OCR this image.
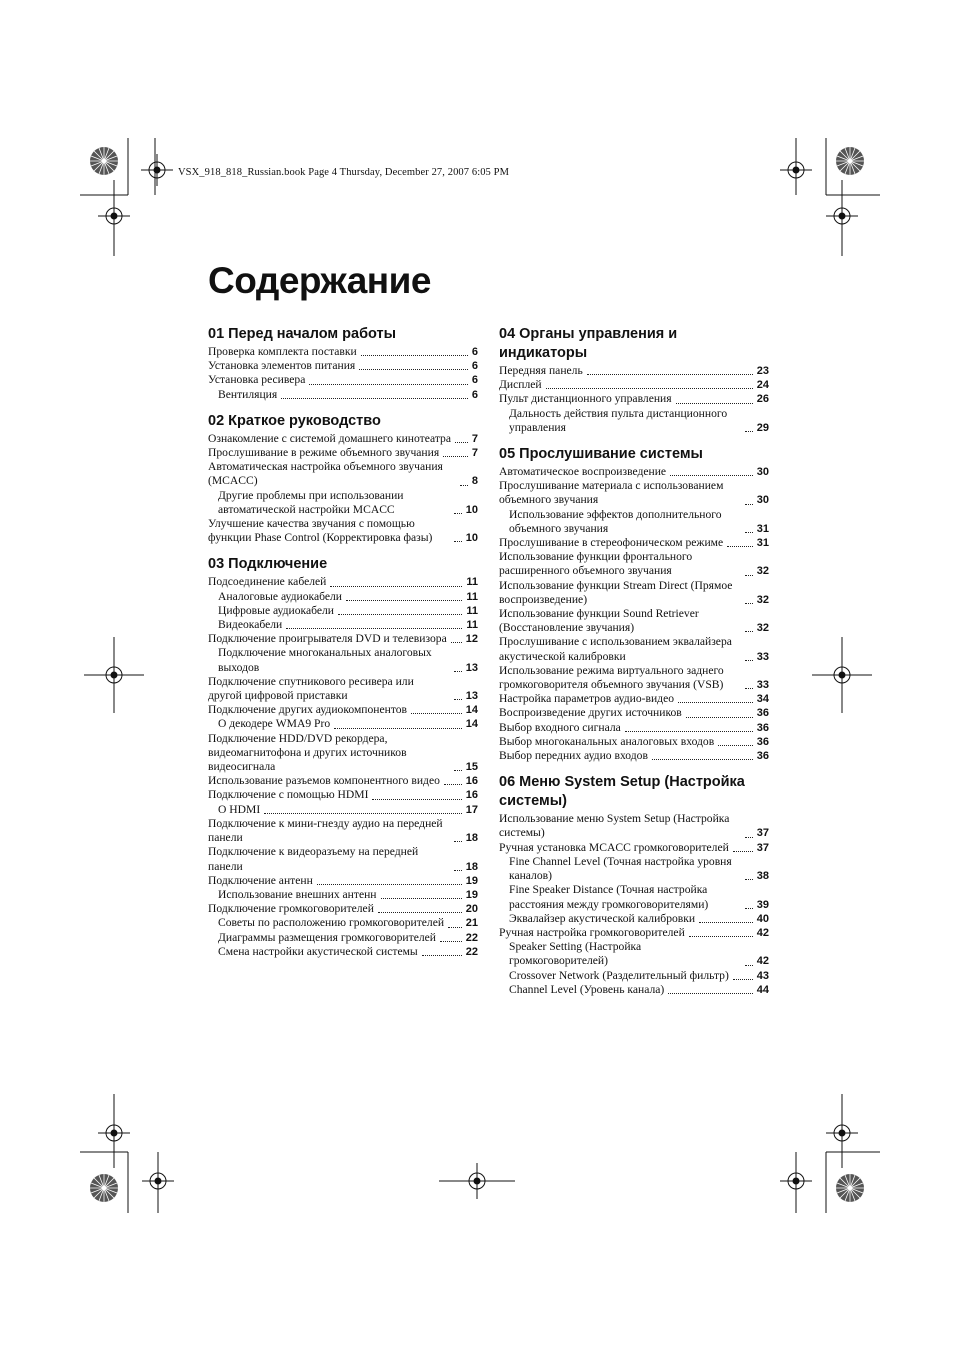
VSX_918_818_Russian.book Page 4 Thursday, December 27, 2007 6:05 PM
Содержание
01 Перед началом работы
Проверка комплекта поставки	6
Установка элементов питания	6
Установка ресивера	6
Вентиляция	6
02 Краткое руководство
Ознакомление с системой домашнего кинотеатра 7
Прослушивание в режиме объемного звучания	7
Автоматическая настройка объемного звучания (MCACC)	8
Другие проблемы при использовании автоматической настройки MCACC	10
Улучшение качества звучания с помощью функции Phase Control (Корректировка фазы)	10
03 Подключение
Подсоединение кабелей	11
Аналоговые аудиокабели	11
Цифровые аудиокабели	11
Видеокабели	11
Подключение проигрывателя DVD и телевизора 12
Подключение многоканальных аналоговых выходов	13
Подключение спутникового ресивера или другой цифровой приставки	13
Подключение других аудиокомпонентов	14
О декодере WMA9 Pro	14
Подключение HDD/DVD рекордера, видеомагнитофона и других источников видеосигнала	15
Использование разъемов компонентного видео 16
Подключение с помощью HDMI	16
О HDMI	17
Подключение к мини-гнезду аудио на передней панели	18
Подключение к видеоразъему на передней панели	18
Подключение антенн	19
Использование внешних антенн	19
Подключение громкоговорителей	20
Советы по расположению громкоговорителей 21
Диаграммы размещения громкоговорителей	22
Смена настройки акустической системы	22
04 Органы управления и индикаторы
Передняя панель	23
Дисплей	24
Пульт дистанционного управления	26
Дальность действия пульта дистанционного управления	29
05 Прослушивание системы
Автоматическое воспроизведение	30
Прослушивание материала с использованием объемного звучания	30
Использование эффектов дополнительного объемного звучания	31
Прослушивание в стереофоническом режиме	31
Использование функции фронтального расширенного объемного звучания	32
Использование функции Stream Direct (Прямое воспроизведение)	32
Использование функции Sound Retriever (Восстановление звучания)	32
Прослушивание с использованием эквалайзера акустической калибровки	33
Использование режима виртуального заднего громкоговорителя объемного звучания (VSB)	33
Настройка параметров аудио-видео	34
Воспроизведение других источников	36
Выбор входного сигнала	36
Выбор многоканальных аналоговых входов	36
Выбор передних аудио входов	36
06 Меню System Setup (Настройка системы)
Использование меню System Setup (Настройка системы)	37
Ручная установка MCACC громкоговорителей	37
Fine Channel Level (Точная настройка уровня каналов)	38
Fine Speaker Distance (Точная настройка расстояния между громкоговорителями)	39
Эквалайзер акустической калибровки	40
Ручная настройка громкоговорителей	42
Speaker Setting (Настройка громкоговорителей)	42
Crossover Network (Разделительный фильтр)	43
Channel Level (Уровень канала)	44
